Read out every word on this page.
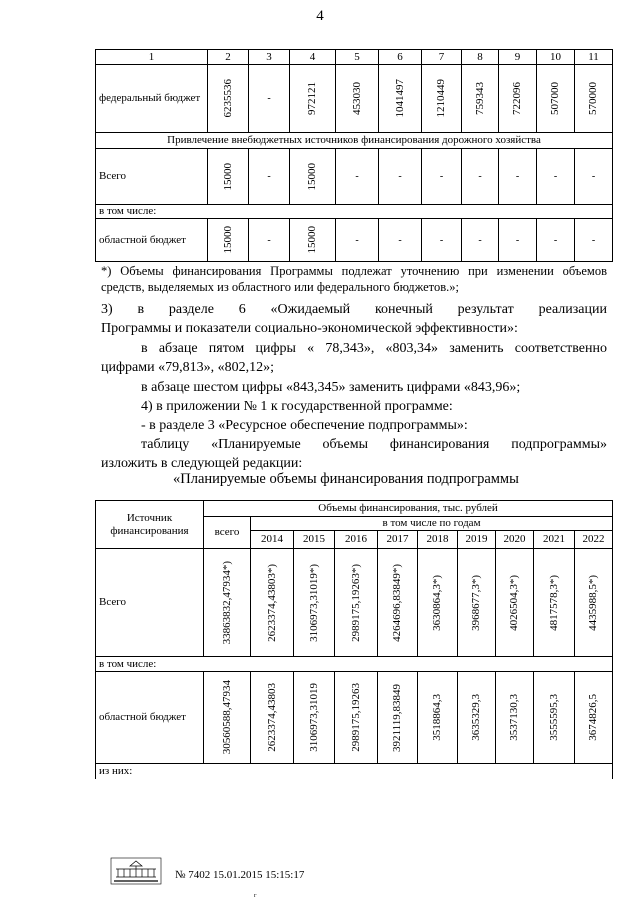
4
1	2	3	4	5	6	7	8	9	10	11
федеральный бюджет	6235536	-	972121	453030	1041497	1210449	759343	722096	507000	570000

Привлечение внебюджетных источников финансирования дорожного хозяйства										
Всего	15000	-	15000	-	-	-	-	-	-	-
в том числе:										
областной бюджет	15000	-	15000	-	-	-	-	-	-	-
*) Объемы финансирования Программы подлежат уточнению при изменении объемов средств, выделяемых из областного или федерального бюджетов.»;
3) в разделе 6 «Ожидаемый конечный результат реализации
Программы и показатели социально-экономической эффективности»:
в абзаце пятом цифры « 78,343», «803,34» заменить соответственно
цифрами «79,813», «802,12»;
в абзаце шестом цифры «843,345» заменить цифрами «843,96»;
4) в приложении № 1 к государственной программе:
- в разделе 3 «Ресурсное обеспечение подпрограммы»:
таблицу «Планируемые объемы финансирования подпрограммы»
изложить в следующей редакции:
«Планируемые объемы финансирования подпрограммы
Источник финансирования	Объемы финансирования, тыс. рублей									
	всего	в том числе по годам								
		2014	2015	2016	2017	2018	2019	2020	2021	2022
Всего	33863832,47934*)	2623374,43803*)	3106973,31019*)	2989175,19263*)	4264696,83849*)	3630864,3*)	3968677,3*)	4026504,3*)	4817578,3*)	4435988,5*)

в том числе:										
областной бюджет	30560588,47934	2623374,43803	3106973,31019	2989175,19263	3921119,83849	3518864,3	3635329,3	3537130,3	3555595,3	3674826,5

из них:										
№ 7402 15.01.2015 15:15:17
г
